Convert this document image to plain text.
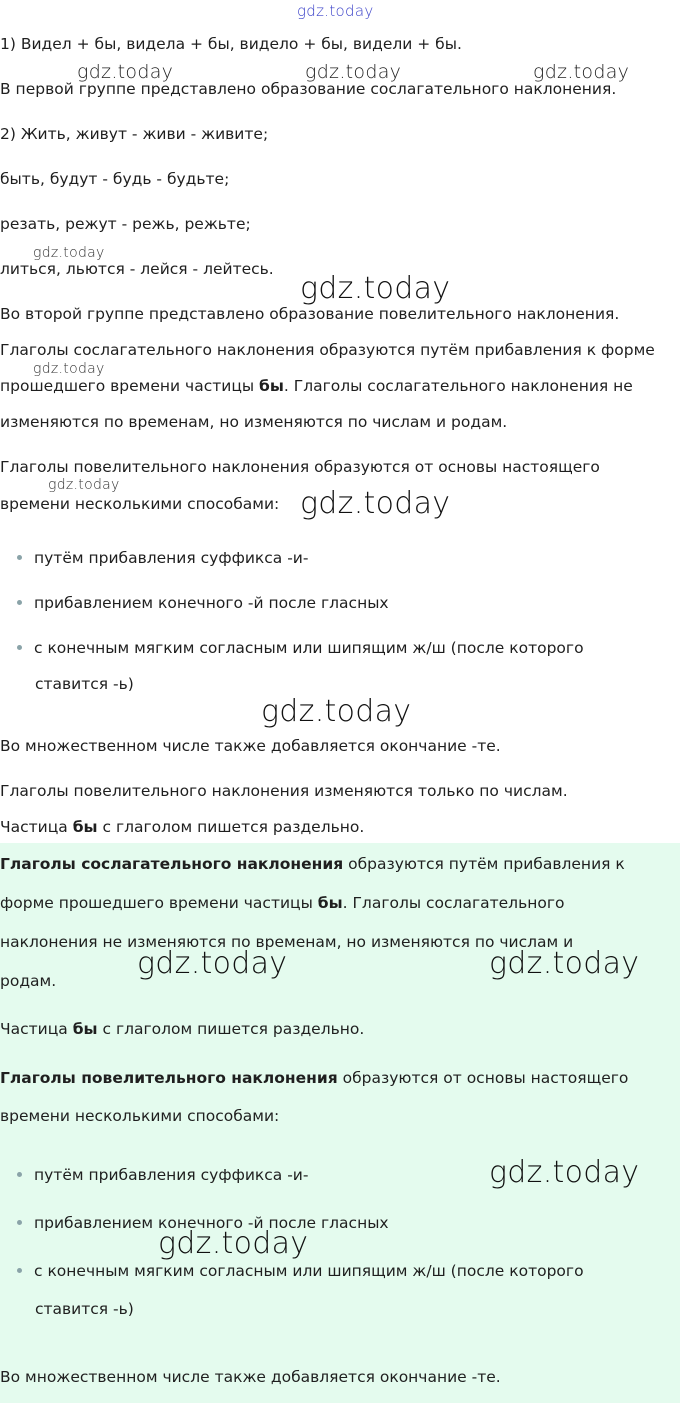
1) Видел + бы, видела + бы, видело + бы, видели + бы.
В первой группе представлено образование сослагательного наклонения.
2) Жить, живут - живи - живите;
быть, будут - будь - будьте;
резать, режут - режь, режьте;
литься, льются - лейся - лейтесь.
Во второй группе представлено образование повелительного наклонения.
Глаголы сослагательного наклонения образуются путём прибавления к форме
прошедшего времени частицы бы. Глаголы сослагательного наклонения не
изменяются по временам, но изменяются по числам и родам.
Глаголы повелительного наклонения образуются от основы настоящего
времени несколькими способами:
путём прибавления суффикса -и-
прибавлением конечного -й после гласных
с конечным мягким согласным или шипящим ж/ш (после которого
ставится -ь)
Во множественном числе также добавляется окончание -те.
Глаголы повелительного наклонения изменяются только по числам.
Частица бы с глаголом пишется раздельно.
Глаголы сослагательного наклонения образуются путём прибавления к
форме прошедшего времени частицы бы. Глаголы сослагательного
наклонения не изменяются по временам, но изменяются по числам и
родам.
Частица бы с глаголом пишется раздельно.
Глаголы повелительного наклонения образуются от основы настоящего
времени несколькими способами:
путём прибавления суффикса -и-
прибавлением конечного -й после гласных
с конечным мягким согласным или шипящим ж/ш (после которого
ставится -ь)
Во множественном числе также добавляется окончание -те.
gdz.today
gdz.today	gdz.today	gdz.today
gdz.today
gdz.today
gdz.today
gdz.today
gdz.today
gdz.today
gdz.today	gdz.today
gdz.today
gdz.today
